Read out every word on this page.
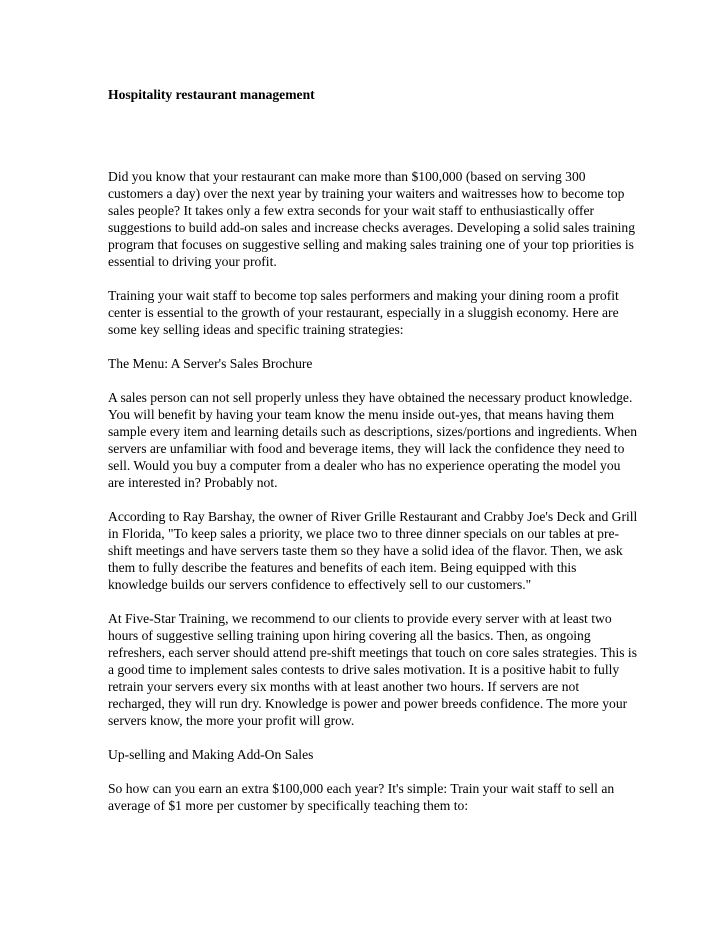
Hospitality restaurant management

Did you know that your restaurant can make more than $100,000 (based on serving 300 customers a day) over the next year by training your waiters and waitresses how to become top sales people? It takes only a few extra seconds for your wait staff to enthusiastically offer suggestions to build add-on sales and increase checks averages. Developing a solid sales training program that focuses on suggestive selling and making sales training one of your top priorities is essential to driving your profit.

Training your wait staff to become top sales performers and making your dining room a profit center is essential to the growth of your restaurant, especially in a sluggish economy. Here are some key selling ideas and specific training strategies:

The Menu: A Server's Sales Brochure

A sales person can not sell properly unless they have obtained the necessary product knowledge. You will benefit by having your team know the menu inside out-yes, that means having them sample every item and learning details such as descriptions, sizes/portions and ingredients. When servers are unfamiliar with food and beverage items, they will lack the confidence they need to sell. Would you buy a computer from a dealer who has no experience operating the model you are interested in? Probably not.

According to Ray Barshay, the owner of River Grille Restaurant and Crabby Joe's Deck and Grill in Florida, "To keep sales a priority, we place two to three dinner specials on our tables at pre-shift meetings and have servers taste them so they have a solid idea of the flavor. Then, we ask them to fully describe the features and benefits of each item. Being equipped with this knowledge builds our servers confidence to effectively sell to our customers."

At Five-Star Training, we recommend to our clients to provide every server with at least two hours of suggestive selling training upon hiring covering all the basics. Then, as ongoing refreshers, each server should attend pre-shift meetings that touch on core sales strategies. This is a good time to implement sales contests to drive sales motivation. It is a positive habit to fully retrain your servers every six months with at least another two hours. If servers are not recharged, they will run dry. Knowledge is power and power breeds confidence. The more your servers know, the more your profit will grow.

Up-selling and Making Add-On Sales

So how can you earn an extra $100,000 each year? It's simple: Train your wait staff to sell an average of $1 more per customer by specifically teaching them to:
